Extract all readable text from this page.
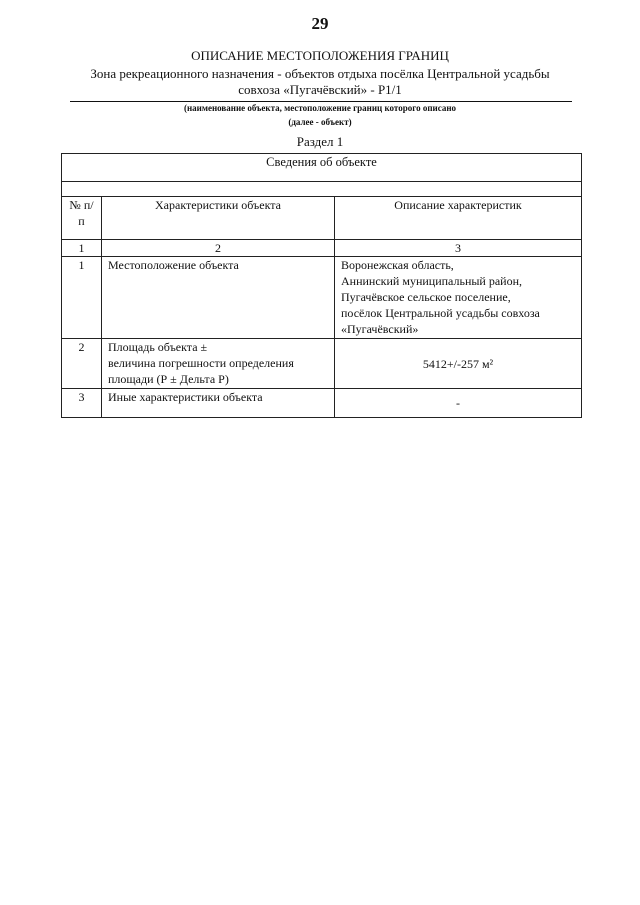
29
ОПИСАНИЕ МЕСТОПОЛОЖЕНИЯ ГРАНИЦ
Зона рекреационного назначения - объектов отдыха посёлка Центральной усадьбы
совхоза «Пугачёвский» - Р1/1
(наименование объекта, местоположение границ которого описано
(далее - объект)
Раздел 1
Сведения об объекте		

№ п/п	Характеристики объекта	Описание характеристик
1	2	3
1	Местоположение объекта	Воронежская область,
Аннинский муниципальный район,
Пугачёвское сельское поселение,
посёлок Центральной усадьбы совхоза
«Пугачёвский»

2	Площадь объекта ±
величина погрешности определения
площади (Р ± Дельта Р)	5412+/-257 м²

3	Иные характеристики объекта	-
